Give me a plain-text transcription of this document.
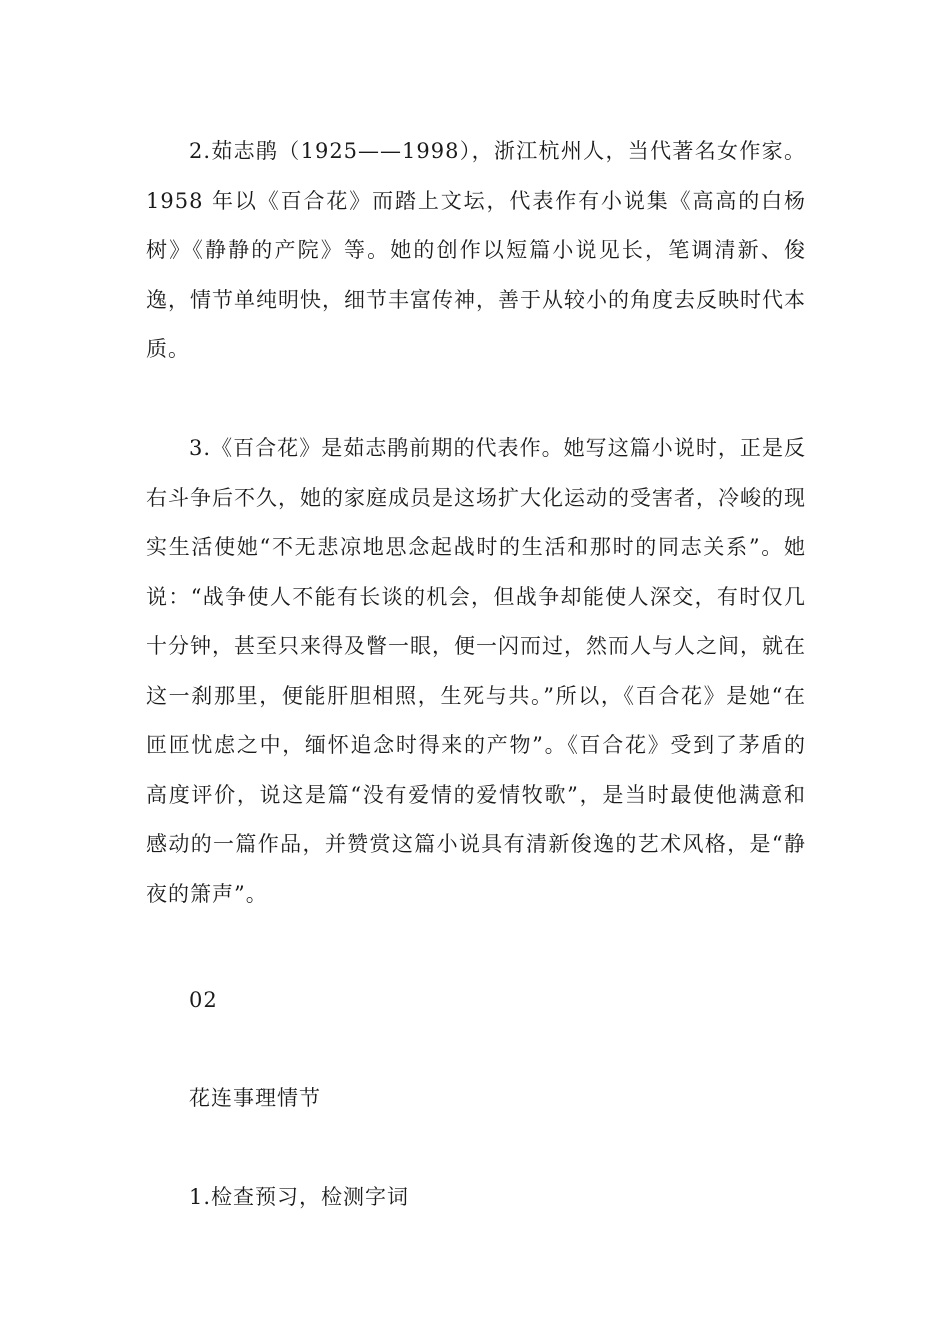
2.茹志鹃（1925——1998），浙江杭州人，当代著名女作家。1958 年以《百合花》而踏上文坛，代表作有小说集《高高的白杨树》《静静的产院》等。她的创作以短篇小说见长，笔调清新、俊逸，情节单纯明快，细节丰富传神，善于从较小的角度去反映时代本质。

3.《百合花》是茹志鹃前期的代表作。她写这篇小说时，正是反右斗争后不久，她的家庭成员是这场扩大化运动的受害者，冷峻的现实生活使她“不无悲凉地思念起战时的生活和那时的同志关系”。她说：“战争使人不能有长谈的机会，但战争却能使人深交，有时仅几十分钟，甚至只来得及瞥一眼，便一闪而过，然而人与人之间，就在这一刹那里，便能肝胆相照，生死与共。”所以，《百合花》是她“在匝匝忧虑之中，缅怀追念时得来的产物”。《百合花》受到了茅盾的高度评价，说这是篇“没有爱情的爱情牧歌”，是当时最使他满意和感动的一篇作品，并赞赏这篇小说具有清新俊逸的艺术风格，是“静夜的箫声”。

02

花连事理情节

1.检查预习，检测字词
